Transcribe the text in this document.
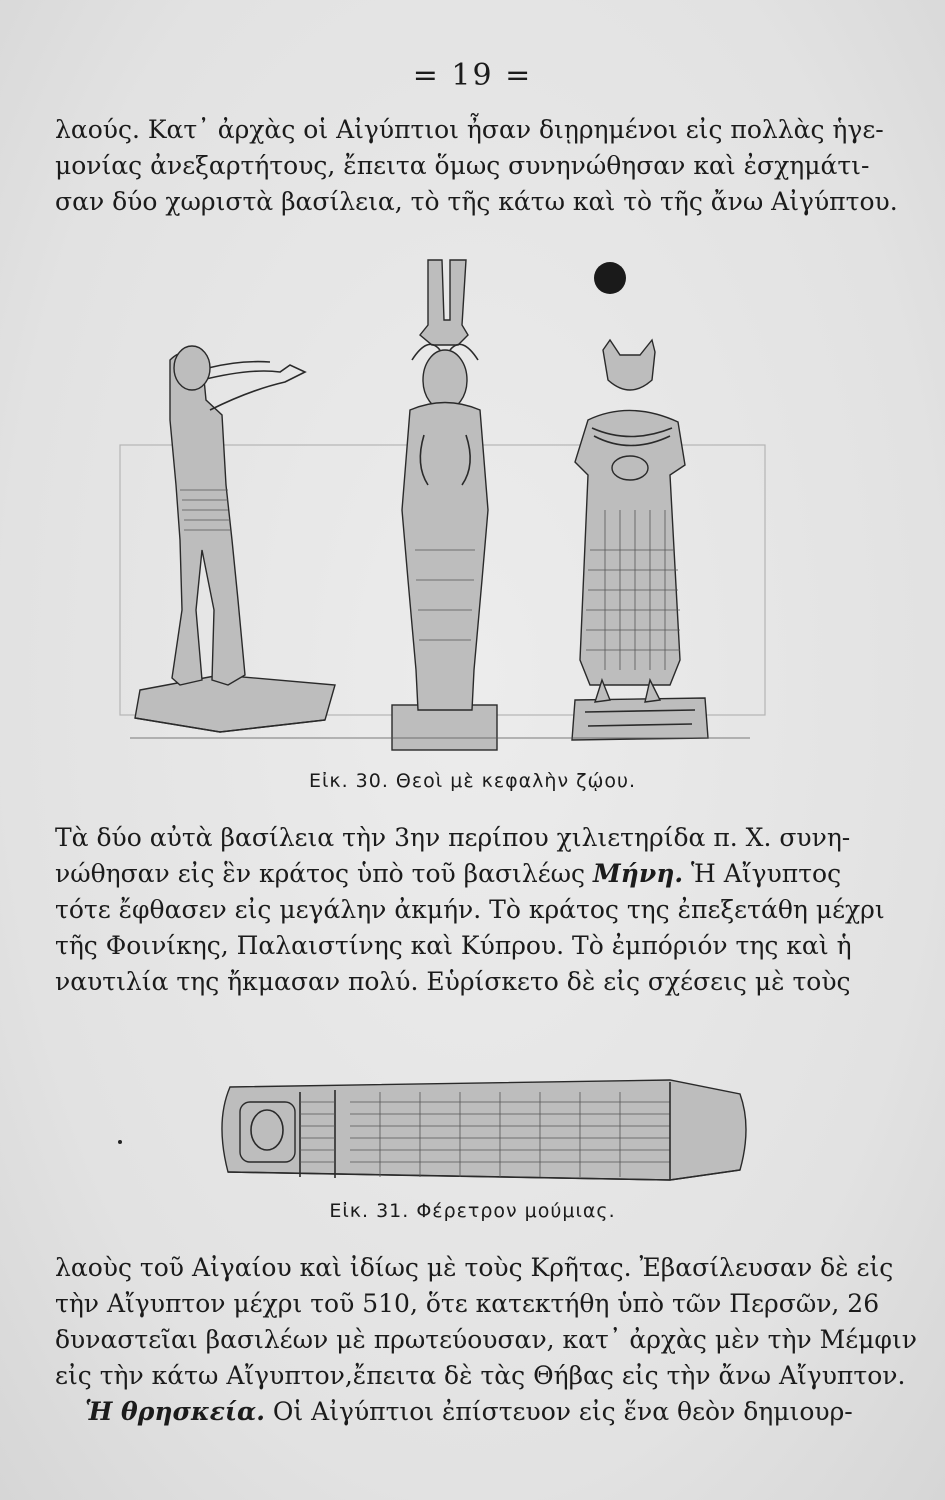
= 19 =
λαούς. Κατ᾽ ἀρχὰς οἱ Αἰγύπτιοι ἦσαν διῃρημένοι εἰς πολλὰς ἡγε-
μονίας ἀνεξαρτήτους, ἔπειτα ὅμως συνηνώθησαν καὶ ἐσχημάτι-
σαν δύο χωριστὰ βασίλεια, τὸ τῆς κάτω καὶ τὸ τῆς ἄνω Αἰγύπτου.
Εἰκ. 30. Θεοὶ μὲ κεφαλὴν ζῴου.
Τὰ δύο αὐτὰ βασίλεια τὴν 3ην περίπου χιλιετηρίδα π. Χ. συνη-
νώθησαν εἰς ἓν κράτος ὑπὸ τοῦ βασιλέως Μήνη. Ἡ Αἴγυπτος
τότε ἔφθασεν εἰς μεγάλην ἀκμήν. Τὸ κράτος της ἐπεξετάθη μέχρι
τῆς Φοινίκης, Παλαιστίνης καὶ Κύπρου. Τὸ ἐμπόριόν της καὶ ἡ
ναυτιλία της ἤκμασαν πολύ. Εὑρίσκετο δὲ εἰς σχέσεις μὲ τοὺς
Εἰκ. 31. Φέρετρον μούμιας.
λαοὺς τοῦ Αἰγαίου καὶ ἰδίως μὲ τοὺς Κρῆτας. Ἐβασίλευσαν δὲ εἰς
τὴν Αἴγυπτον μέχρι τοῦ 510, ὅτε κατεκτήθη ὑπὸ τῶν Περσῶν, 26
δυναστεῖαι βασιλέων μὲ πρωτεύουσαν, κατ᾽ ἀρχὰς μὲν τὴν Μέμφιν
εἰς τὴν κάτω Αἴγυπτον,ἔπειτα δὲ τὰς Θήβας εἰς τὴν ἄνω Αἴγυπτον.
Ἡ θρησκεία. Οἱ Αἰγύπτιοι ἐπίστευον εἰς ἕνα θεὸν δημιουρ-
